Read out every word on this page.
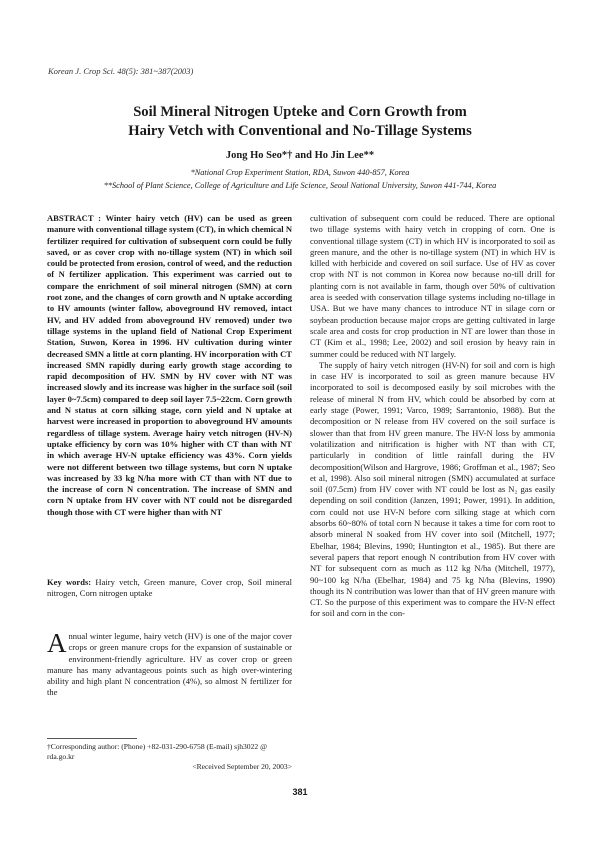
Korean J. Crop Sci. 48(5): 381~387(2003)
Soil Mineral Nitrogen Upteke and Corn Growth from
Hairy Vetch with Conventional and No-Tillage Systems
Jong Ho Seo*† and Ho Jin Lee**
*National Crop Experiment Station, RDA, Suwon 440-857, Korea
**School of Plant Science, College of Agriculture and Life Science, Seoul National University, Suwon 441-744, Korea

ABSTRACT : Winter hairy vetch (HV) can be used as green manure with conventional tillage system (CT), in which chemical N fertilizer required for cultivation of subsequent corn could be fully saved, or as cover crop with no-tillage system (NT) in which soil could be protected from erosion, control of weed, and the reduction of N fertilizer application. This experiment was carried out to compare the enrichment of soil mineral nitrogen (SMN) at corn root zone, and the changes of corn growth and N uptake according to HV amounts (winter fallow, aboveground HV removed, intact HV, and HV added from aboveground HV removed) under two tillage systems in the upland field of National Crop Experiment Station, Suwon, Korea in 1996. HV cultivation during winter decreased SMN a little at corn planting. HV incorporation with CT increased SMN rapidly during early growth stage according to rapid decomposition of HV. SMN by HV cover with NT was increased slowly and its increase was higher in the surface soil (soil layer 0~7.5cm) compared to deep soil layer 7.5~22cm. Corn growth and N status at corn silking stage, corn yield and N uptake at harvest were increased in proportion to aboveground HV amounts regardless of tillage system. Average hairy vetch nitrogen (HV-N) uptake efficiency by corn was 10% higher with CT than with NT in which average HV-N uptake efficiency was 43%. Corn yields were not different between two tillage systems, but corn N uptake was increased by 33 kg N/ha more with CT than with NT due to the increase of corn N concentration. The increase of SMN and corn N uptake from HV cover with NT could not be disregarded though those with CT were higher than with NT

Key words: Hairy vetch, Green manure, Cover crop, Soil mineral nitrogen, Corn nitrogen uptake

Annual winter legume, hairy vetch (HV) is one of the major cover crops or green manure crops for the expansion of sustainable or environment-friendly agriculture. HV as cover crop or green manure has many advantageous points such as high over-wintering ability and high plant N concentration (4%), so almost N fertilizer for the

†Corresponding author: (Phone) +82-031-290-6758 (E-mail) sjh3022 @ rda.go.kr
<Received September 20, 2003>

cultivation of subsequent corn could be reduced. There are optional two tillage systems with hairy vetch in cropping of corn. One is conventional tillage system (CT) in which HV is incorporated to soil as green manure, and the other is no-tillage system (NT) in which HV is killed with herbicide and covered on soil surface. Use of HV as cover crop with NT is not common in Korea now because no-till drill for planting corn is not available in farm, though over 50% of cultivation area is seeded with conservation tillage systems including no-tillage in USA. But we have many chances to introduce NT in silage corn or soybean production because major crops are getting cultivated in large scale area and costs for crop production in NT are lower than those in CT (Kim et al., 1998; Lee, 2002) and soil erosion by heavy rain in summer could be reduced with NT largely.

The supply of hairy vetch nitrogen (HV-N) for soil and corn is high in case HV is incorporated to soil as green manure because HV incorporated to soil is decomposed easily by soil microbes with the release of mineral N from HV, which could be absorbed by corn at early stage (Power, 1991; Varco, 1989; Sarrantonio, 1988). But the decomposition or N release from HV covered on the soil surface is slower than that from HV green manure. The HV-N loss by ammonia volatilization and nitrification is higher with NT than with CT, particularly in condition of little rainfall during the HV decomposition(Wilson and Hargrove, 1986; Groffman et al., 1987; Seo et al, 1998). Also soil mineral nitrogen (SMN) accumulated at surface soil (07.5cm) from HV cover with NT could be lost as N₂ gas easily depending on soil condition (Janzen, 1991; Power, 1991). In addition, corn could not use HV-N before corn silking stage at which corn absorbs 60~80% of total corn N because it takes a time for corn root to absorb mineral N soaked from HV cover into soil (Mitchell, 1977; Ebelhar, 1984; Blevins, 1990; Huntington et al., 1985). But there are several papers that report enough N contribution from HV cover with NT for subsequent corn as much as 112 kg N/ha (Mitchell, 1977), 90~100 kg N/ha (Ebelhar, 1984) and 75 kg N/ha (Blevins, 1990) though its N contribution was lower than that of HV green manure with CT. So the purpose of this experiment was to compare the HV-N effect for soil and corn in the con-

381
